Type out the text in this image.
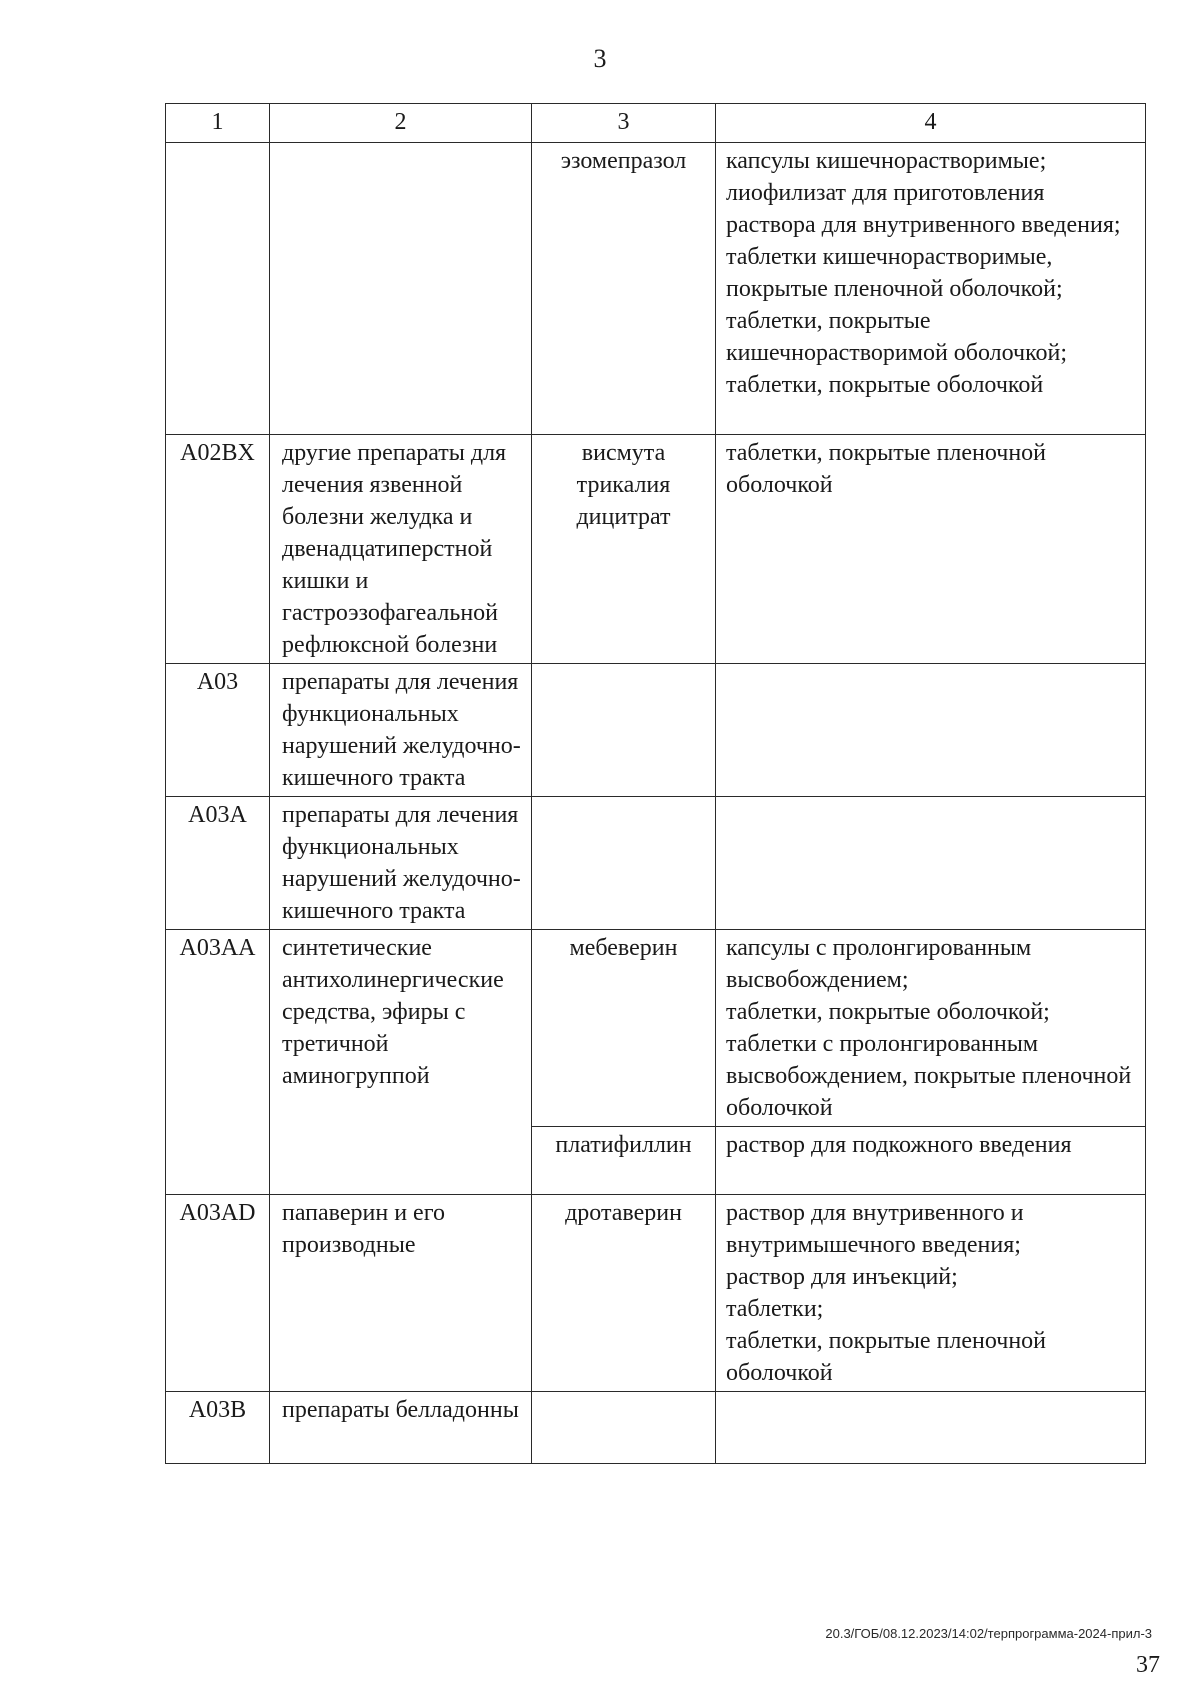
3
1	2	3	4
		эзомепразол	капсулы кишечнорастворимые;
лиофилизат для приготовления раствора для внутривенного введения;
таблетки кишечнорастворимые, покрытые пленочной оболочкой;
таблетки, покрытые кишечнорастворимой оболочкой;
таблетки, покрытые оболочкой

A02BX	другие препараты для лечения язвенной болезни желудка и двенадцатиперстной кишки и гастроэзофагеальной рефлюксной болезни	висмута трикалия дицитрат	таблетки, покрытые пленочной оболочкой

A03	препараты для лечения функциональных нарушений желудочно-кишечного тракта		
A03A	препараты для лечения функциональных нарушений желудочно-кишечного тракта		
A03AA	синтетические антихолинергические средства, эфиры с третичной аминогруппой	мебеверин	капсулы с пролонгированным высвобождением;
таблетки, покрытые оболочкой;
таблетки с пролонгированным высвобождением, покрытые пленочной оболочкой

		платифиллин	раствор для подкожного введения

A03AD	папаверин и его производные	дротаверин	раствор для внутривенного и внутримышечного введения;
раствор для инъекций;
таблетки;
таблетки, покрытые пленочной оболочкой

A03B	препараты белладонны		
20.3/ГОБ/08.12.2023/14:02/терпрограмма-2024-прил-3
37
